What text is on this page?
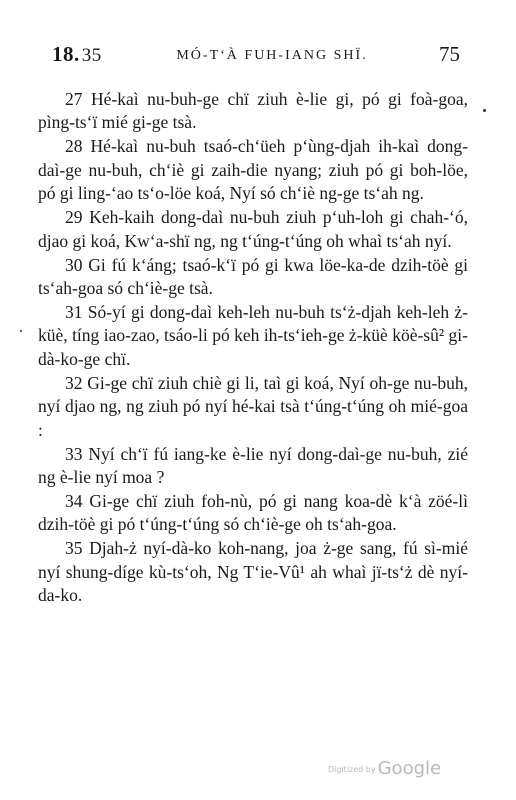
18. 35	MÓ-T‘À FUH-IANG SHÏ.	75

27 Hé-kaì nu-buh-ge chï ziuh è-lie gi, pó gi foà-goa, pìng-ts‘ï mié gi-ge tsà.

28 Hé-kaì nu-buh tsaó-ch‘üeh p‘ùng-djah ih-kaì dong-daì-ge nu-buh, ch‘iè gi zaih-die nyang; ziuh pó gi boh-löe, pó gi ling-‘ao ts‘o-löe koá, Nyí só ch‘iè ng-ge ts‘ah ng.

29 Keh-kaih dong-daì nu-buh ziuh p‘uh-loh gi chah-‘ó, djao gi koá, Kw‘a-shï ng, ng t‘úng-t‘úng oh whaì ts‘ah nyí.

30 Gi fú k‘áng; tsaó-k‘ï pó gi kwa löe-ka-de dzih-töè gi ts‘ah-goa só ch‘iè-ge tsà.

31 Só-yí gi dong-daì keh-leh nu-buh ts‘ż-djah keh-leh ż-küè, tíng iao-zao, tsáo-li pó keh ih-ts‘ieh-ge ż-küè köè-sû² gi-dà-ko-ge chï.

32 Gi-ge chï ziuh chiè gi li, taì gi koá, Nyí oh-ge nu-buh, nyí djao ng, ng ziuh pó nyí hé-kai tsà t‘úng-t‘úng oh mié-goa :

33 Nyí ch‘ï fú iang-ke è-lie nyí dong-daì-ge nu-buh, zié ng è-lie nyí moa ?

34 Gi-ge chï ziuh foh-nù, pó gi nang koa-dè k‘à zöé-lì dzih-töè gi pó t‘úng-t‘úng só ch‘iè-ge oh ts‘ah-goa.

35 Djah-ż nyí-dà-ko koh-nang, joa ż-ge sang, fú sì-mié nyí shung-díge kù-ts‘oh, Ng T‘ie-Vû¹ ah whaì jï-ts‘ż dè nyí-da-ko.

Digitized by Google
